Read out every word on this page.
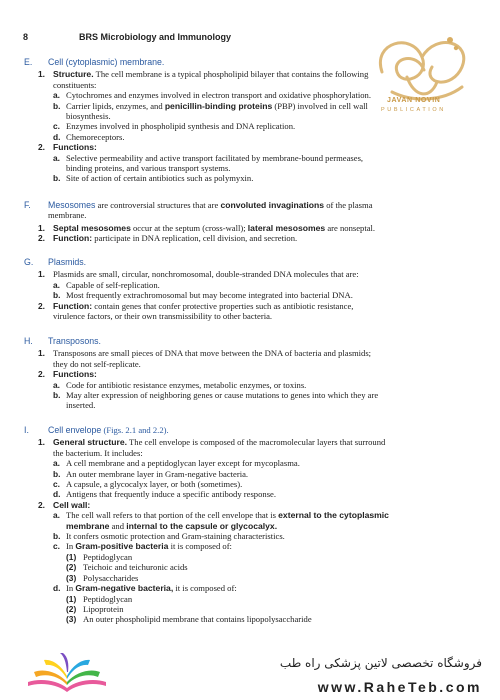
8	BRS Microbiology and Immunology
JAVAN NOVIN
PUBLICATION
E.	Cell (cytoplasmic) membrane.
1. Structure. The cell membrane is a typical phospholipid bilayer that contains the following
constituents:
a. Cytochromes and enzymes involved in electron transport and oxidative phosphorylation.
b. Carrier lipids, enzymes, and penicillin-binding proteins (PBP) involved in cell wall
biosynthesis.
c. Enzymes involved in phospholipid synthesis and DNA replication.
d. Chemoreceptors.
2. Functions:
a. Selective permeability and active transport facilitated by membrane-bound permeases,
binding proteins, and various transport systems.
b. Site of action of certain antibiotics such as polymyxin.
F.	Mesosomes are controversial structures that are convoluted invaginations of the plasma
membrane.
1. Septal mesosomes occur at the septum (cross-wall); lateral mesosomes are nonseptal.
2. Function: participate in DNA replication, cell division, and secretion.
G.	Plasmids.
1. Plasmids are small, circular, nonchromosomal, double-stranded DNA molecules that are:
a. Capable of self-replication.
b. Most frequently extrachromosomal but may become integrated into bacterial DNA.
2. Function: contain genes that confer protective properties such as antibiotic resistance,
virulence factors, or their own transmissibility to other bacteria.
H.	Transposons.
1. Transposons are small pieces of DNA that move between the DNA of bacteria and plasmids;
they do not self-replicate.
2. Functions:
a. Code for antibiotic resistance enzymes, metabolic enzymes, or toxins.
b. May alter expression of neighboring genes or cause mutations to genes into which they are
inserted.
I.	Cell envelope (Figs. 2.1 and 2.2).
1. General structure. The cell envelope is composed of the macromolecular layers that surround
the bacterium. It includes:
a. A cell membrane and a peptidoglycan layer except for mycoplasma.
b. An outer membrane layer in Gram-negative bacteria.
c. A capsule, a glycocalyx layer, or both (sometimes).
d. Antigens that frequently induce a specific antibody response.
2. Cell wall:
a. The cell wall refers to that portion of the cell envelope that is external to the cytoplasmic
membrane and internal to the capsule or glycocalyx.
b. It confers osmotic protection and Gram-staining characteristics.
c. In Gram-positive bacteria it is composed of:
(1) Peptidoglycan
(2) Teichoic and teichuronic acids
(3) Polysaccharides
d. In Gram-negative bacteria, it is composed of:
(1) Peptidoglycan
(2) Lipoprotein
(3) An outer phospholipid membrane that contains lipopolysaccharide
فروشگاه تخصصی لاتین پزشکی راه طب
www.RaheTeb.com
